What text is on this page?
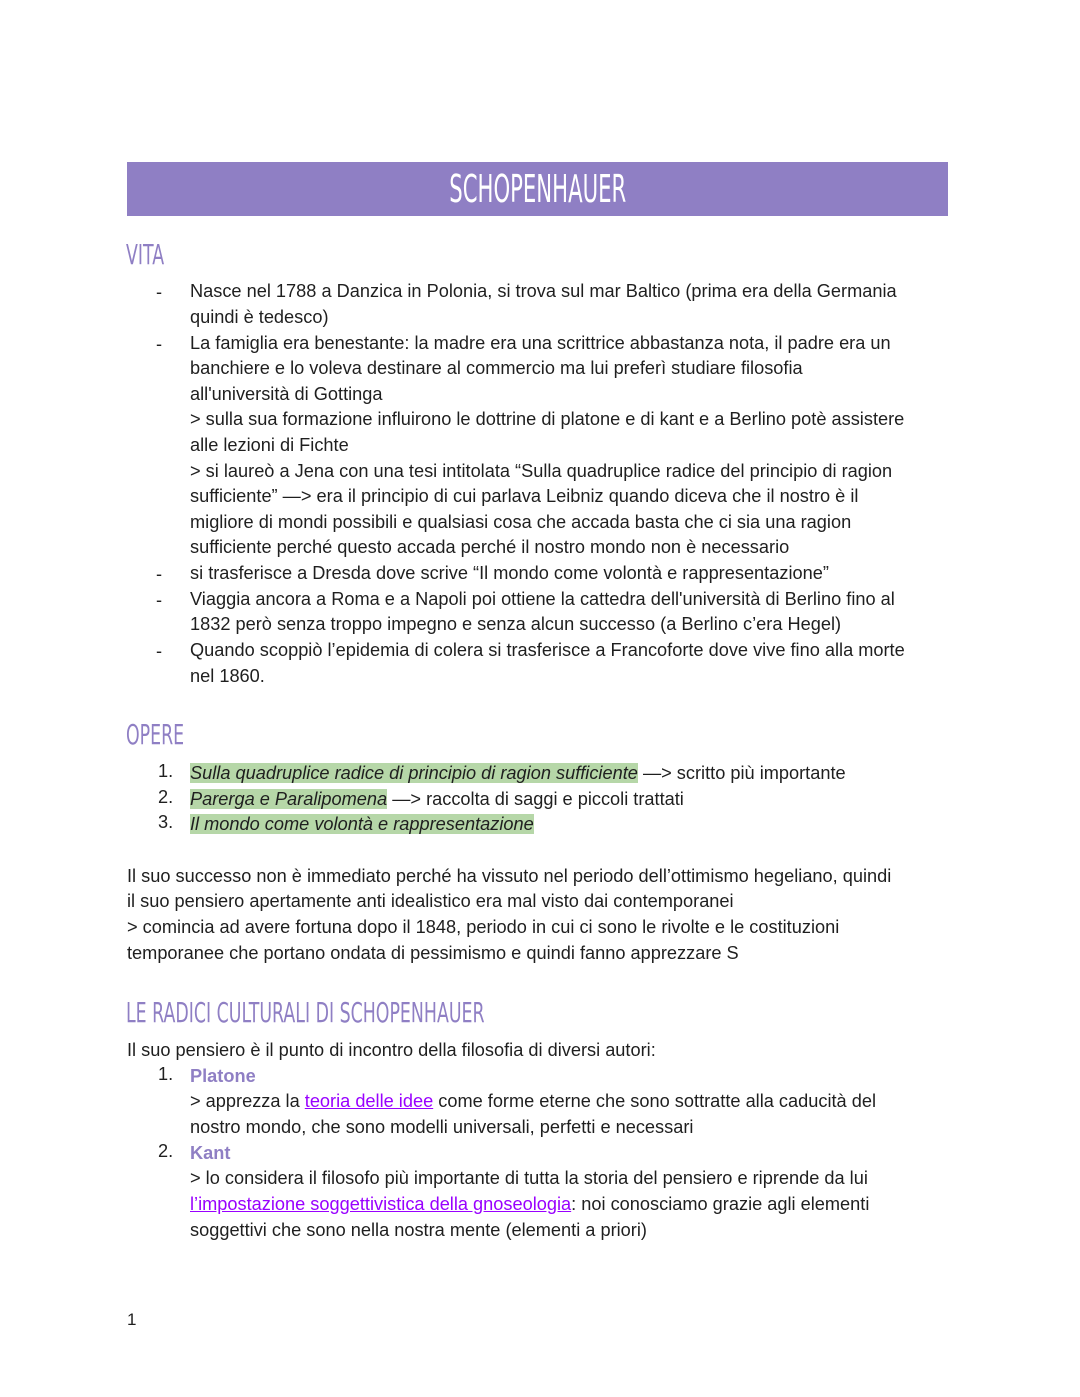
SCHOPENHAUER
VITA
- Nasce nel 1788 a Danzica in Polonia, si trova sul mar Baltico (prima era della Germania
quindi è tedesco)
- La famiglia era benestante: la madre era una scrittrice abbastanza nota, il padre era un
banchiere e lo voleva destinare al commercio ma lui preferì studiare filosofia
all'università di Gottinga
> sulla sua formazione influirono le dottrine di platone e di kant e a Berlino potè assistere
alle lezioni di Fichte
> si laureò a Jena con una tesi intitolata “Sulla quadruplice radice del principio di ragion
sufficiente” —> era il principio di cui parlava Leibniz quando diceva che il nostro è il
migliore di mondi possibili e qualsiasi cosa che accada basta che ci sia una ragion
sufficiente perché questo accada perché il nostro mondo non è necessario
- si trasferisce a Dresda dove scrive “Il mondo come volontà e rappresentazione”
- Viaggia ancora a Roma e a Napoli poi ottiene la cattedra dell'università di Berlino fino al
1832 però senza troppo impegno e senza alcun successo (a Berlino c’era Hegel)
- Quando scoppiò l’epidemia di colera si trasferisce a Francoforte dove vive fino alla morte
nel 1860.
OPERE
1. Sulla quadruplice radice di principio di ragion sufficiente —> scritto più importante
2. Parerga e Paralipomena —> raccolta di saggi e piccoli trattati
3. Il mondo come volontà e rappresentazione
Il suo successo non è immediato perché ha vissuto nel periodo dell’ottimismo hegeliano, quindi
il suo pensiero apertamente anti idealistico era mal visto dai contemporanei
> comincia ad avere fortuna dopo il 1848, periodo in cui ci sono le rivolte e le costituzioni
temporanee che portano ondata di pessimismo e quindi fanno apprezzare S
LE RADICI CULTURALI DI SCHOPENHAUER
Il suo pensiero è il punto di incontro della filosofia di diversi autori:
1. Platone
> apprezza la teoria delle idee come forme eterne che sono sottratte alla caducità del
nostro mondo, che sono modelli universali, perfetti e necessari
2. Kant
> lo considera il filosofo più importante di tutta la storia del pensiero e riprende da lui
l’impostazione soggettivistica della gnoseologia: noi conosciamo grazie agli elementi
soggettivi che sono nella nostra mente (elementi a priori)
1
